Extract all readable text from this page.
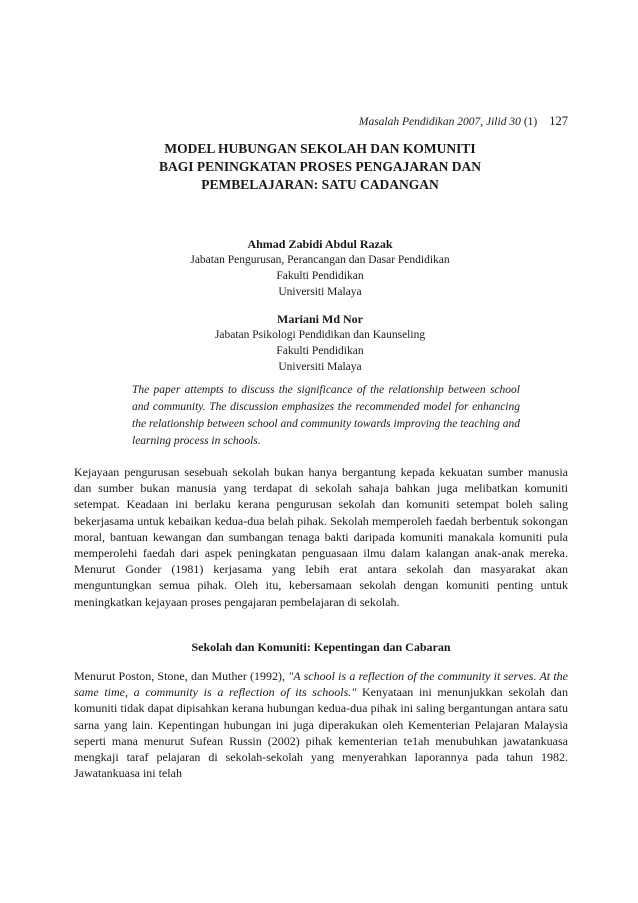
Masalah Pendidikan 2007, Jilid 30 (1) 127
MODEL HUBUNGAN SEKOLAH DAN KOMUNITI
BAGI PENINGKATAN PROSES PENGAJARAN DAN
PEMBELAJARAN: SATU CADANGAN
Ahmad Zabidi Abdul Razak
Jabatan Pengurusan, Perancangan dan Dasar Pendidikan
Fakulti Pendidikan
Universiti Malaya
Mariani Md Nor
Jabatan Psikologi Pendidikan dan Kaunseling
Fakulti Pendidikan
Universiti Malaya
The paper attempts to discuss the significance of the relationship between school and community. The discussion emphasizes the recommended model for enhancing the relationship between school and community towards improving the teaching and learning process in schools.
Kejayaan pengurusan sesebuah sekolah bukan hanya bergantung kepada kekuatan sumber manusia dan sumber bukan manusia yang terdapat di sekolah sahaja bahkan juga melibatkan komuniti setempat. Keadaan ini berlaku kerana pengurusan sekolah dan komuniti setempat boleh saling bekerjasama untuk kebaikan kedua-dua belah pihak. Sekolah memperoleh faedah berbentuk sokongan moral, bantuan kewangan dan sumbangan tenaga bakti daripada komuniti manakala komuniti pula memperolehi faedah dari aspek peningkatan penguasaan ilmu dalam kalangan anak-anak mereka. Menurut Gonder (1981) kerjasama yang lebih erat antara sekolah dan masyarakat akan menguntungkan semua pihak. Oleh itu, kebersamaan sekolah dengan komuniti penting untuk meningkatkan kejayaan proses pengajaran pembelajaran di sekolah.
Sekolah dan Komuniti: Kepentingan dan Cabaran
Menurut Poston, Stone, dan Muther (1992), "A school is a reflection of the community it serves. At the same time, a community is a reflection of its schools." Kenyataan ini menunjukkan sekolah dan komuniti tidak dapat dipisahkan kerana hubungan kedua-dua pihak ini saling bergantungan antara satu sarna yang lain. Kepentingan hubungan ini juga diperakukan oleh Kementerian Pelajaran Malaysia seperti mana menurut Sufean Russin (2002) pihak kementerian te1ah menubuhkan jawatankuasa mengkaji taraf pelajaran di sekolah-sekolah yang menyerahkan laporannya pada tahun 1982. Jawatankuasa ini telah
